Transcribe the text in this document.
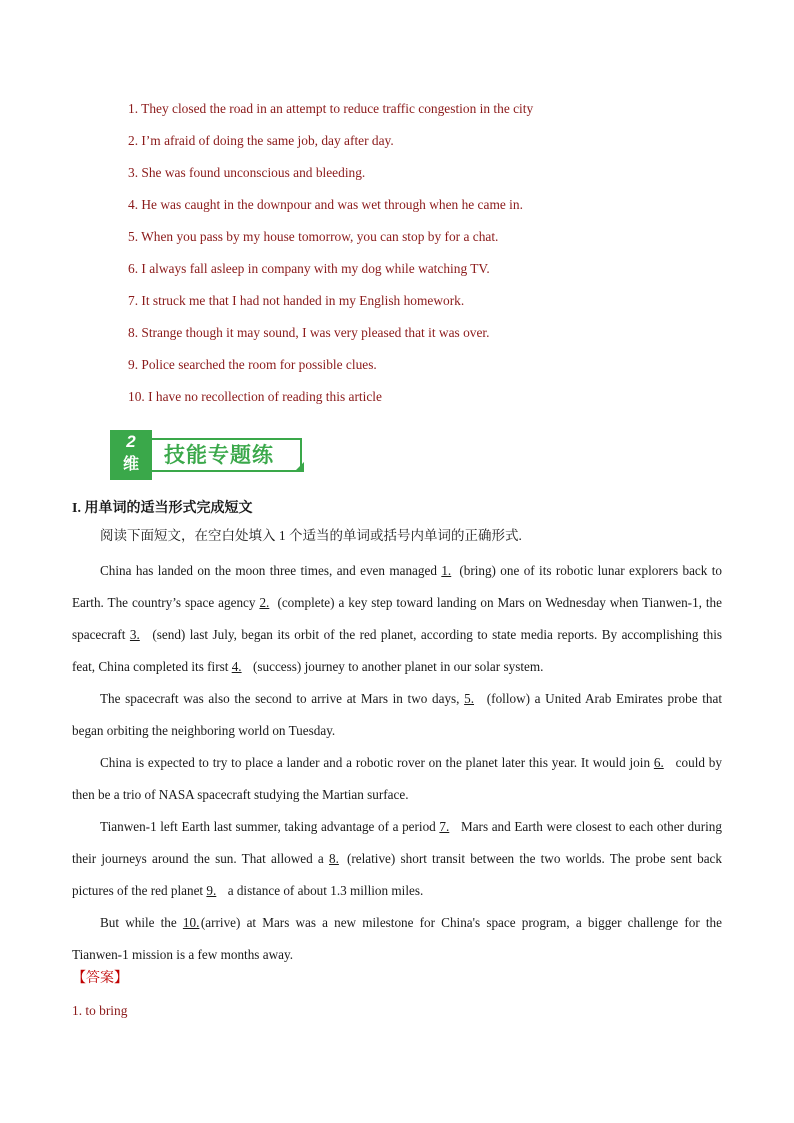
1. They closed the road in an attempt to reduce traffic congestion in the city
2. I’m afraid of doing the same job, day after day.
3. She was found unconscious and bleeding.
4. He was caught in the downpour and was wet through when he came in.
5. When you pass by my house tomorrow, you can stop by for a chat.
6. I always fall asleep in company with my dog while watching TV.
7. It struck me that I had not handed in my English homework.
8. Strange though it may sound, I was very pleased that it was over.
9. Police searched the room for possible clues.
10. I have no recollection of reading this article
2
维	技能专题练
I. 用单词的适当形式完成短文
阅读下面短文，在空白处填入 1 个适当的单词或括号内单词的正确形式.

China has landed on the moon three times, and even managed 1.(bring) one of its robotic lunar explorers back to Earth. The country’s space agency 2.(complete) a key step toward landing on Mars on Wednesday when Tianwen-1, the spacecraft 3. (send) last July, began its orbit of the red planet, according to state media reports. By accomplishing this feat, China completed its first 4. (success) journey to another planet in our solar system.

The spacecraft was also the second to arrive at Mars in two days, 5. (follow) a United Arab Emirates probe that began orbiting the neighboring world on Tuesday.

China is expected to try to place a lander and a robotic rover on the planet later this year. It would join 6. could by then be a trio of NASA spacecraft studying the Martian surface.

Tianwen-1 left Earth last summer, taking advantage of a period 7. Mars and Earth were closest to each other during their journeys around the sun. That allowed a 8.(relative) short transit between the two worlds. The probe sent back pictures of the red planet 9. a distance of about 1.3 million miles.

But while the 10.(arrive) at Mars was a new milestone for China's space program, a bigger challenge for the Tianwen-1 mission is a few months away.

【答案】
1. to bring
